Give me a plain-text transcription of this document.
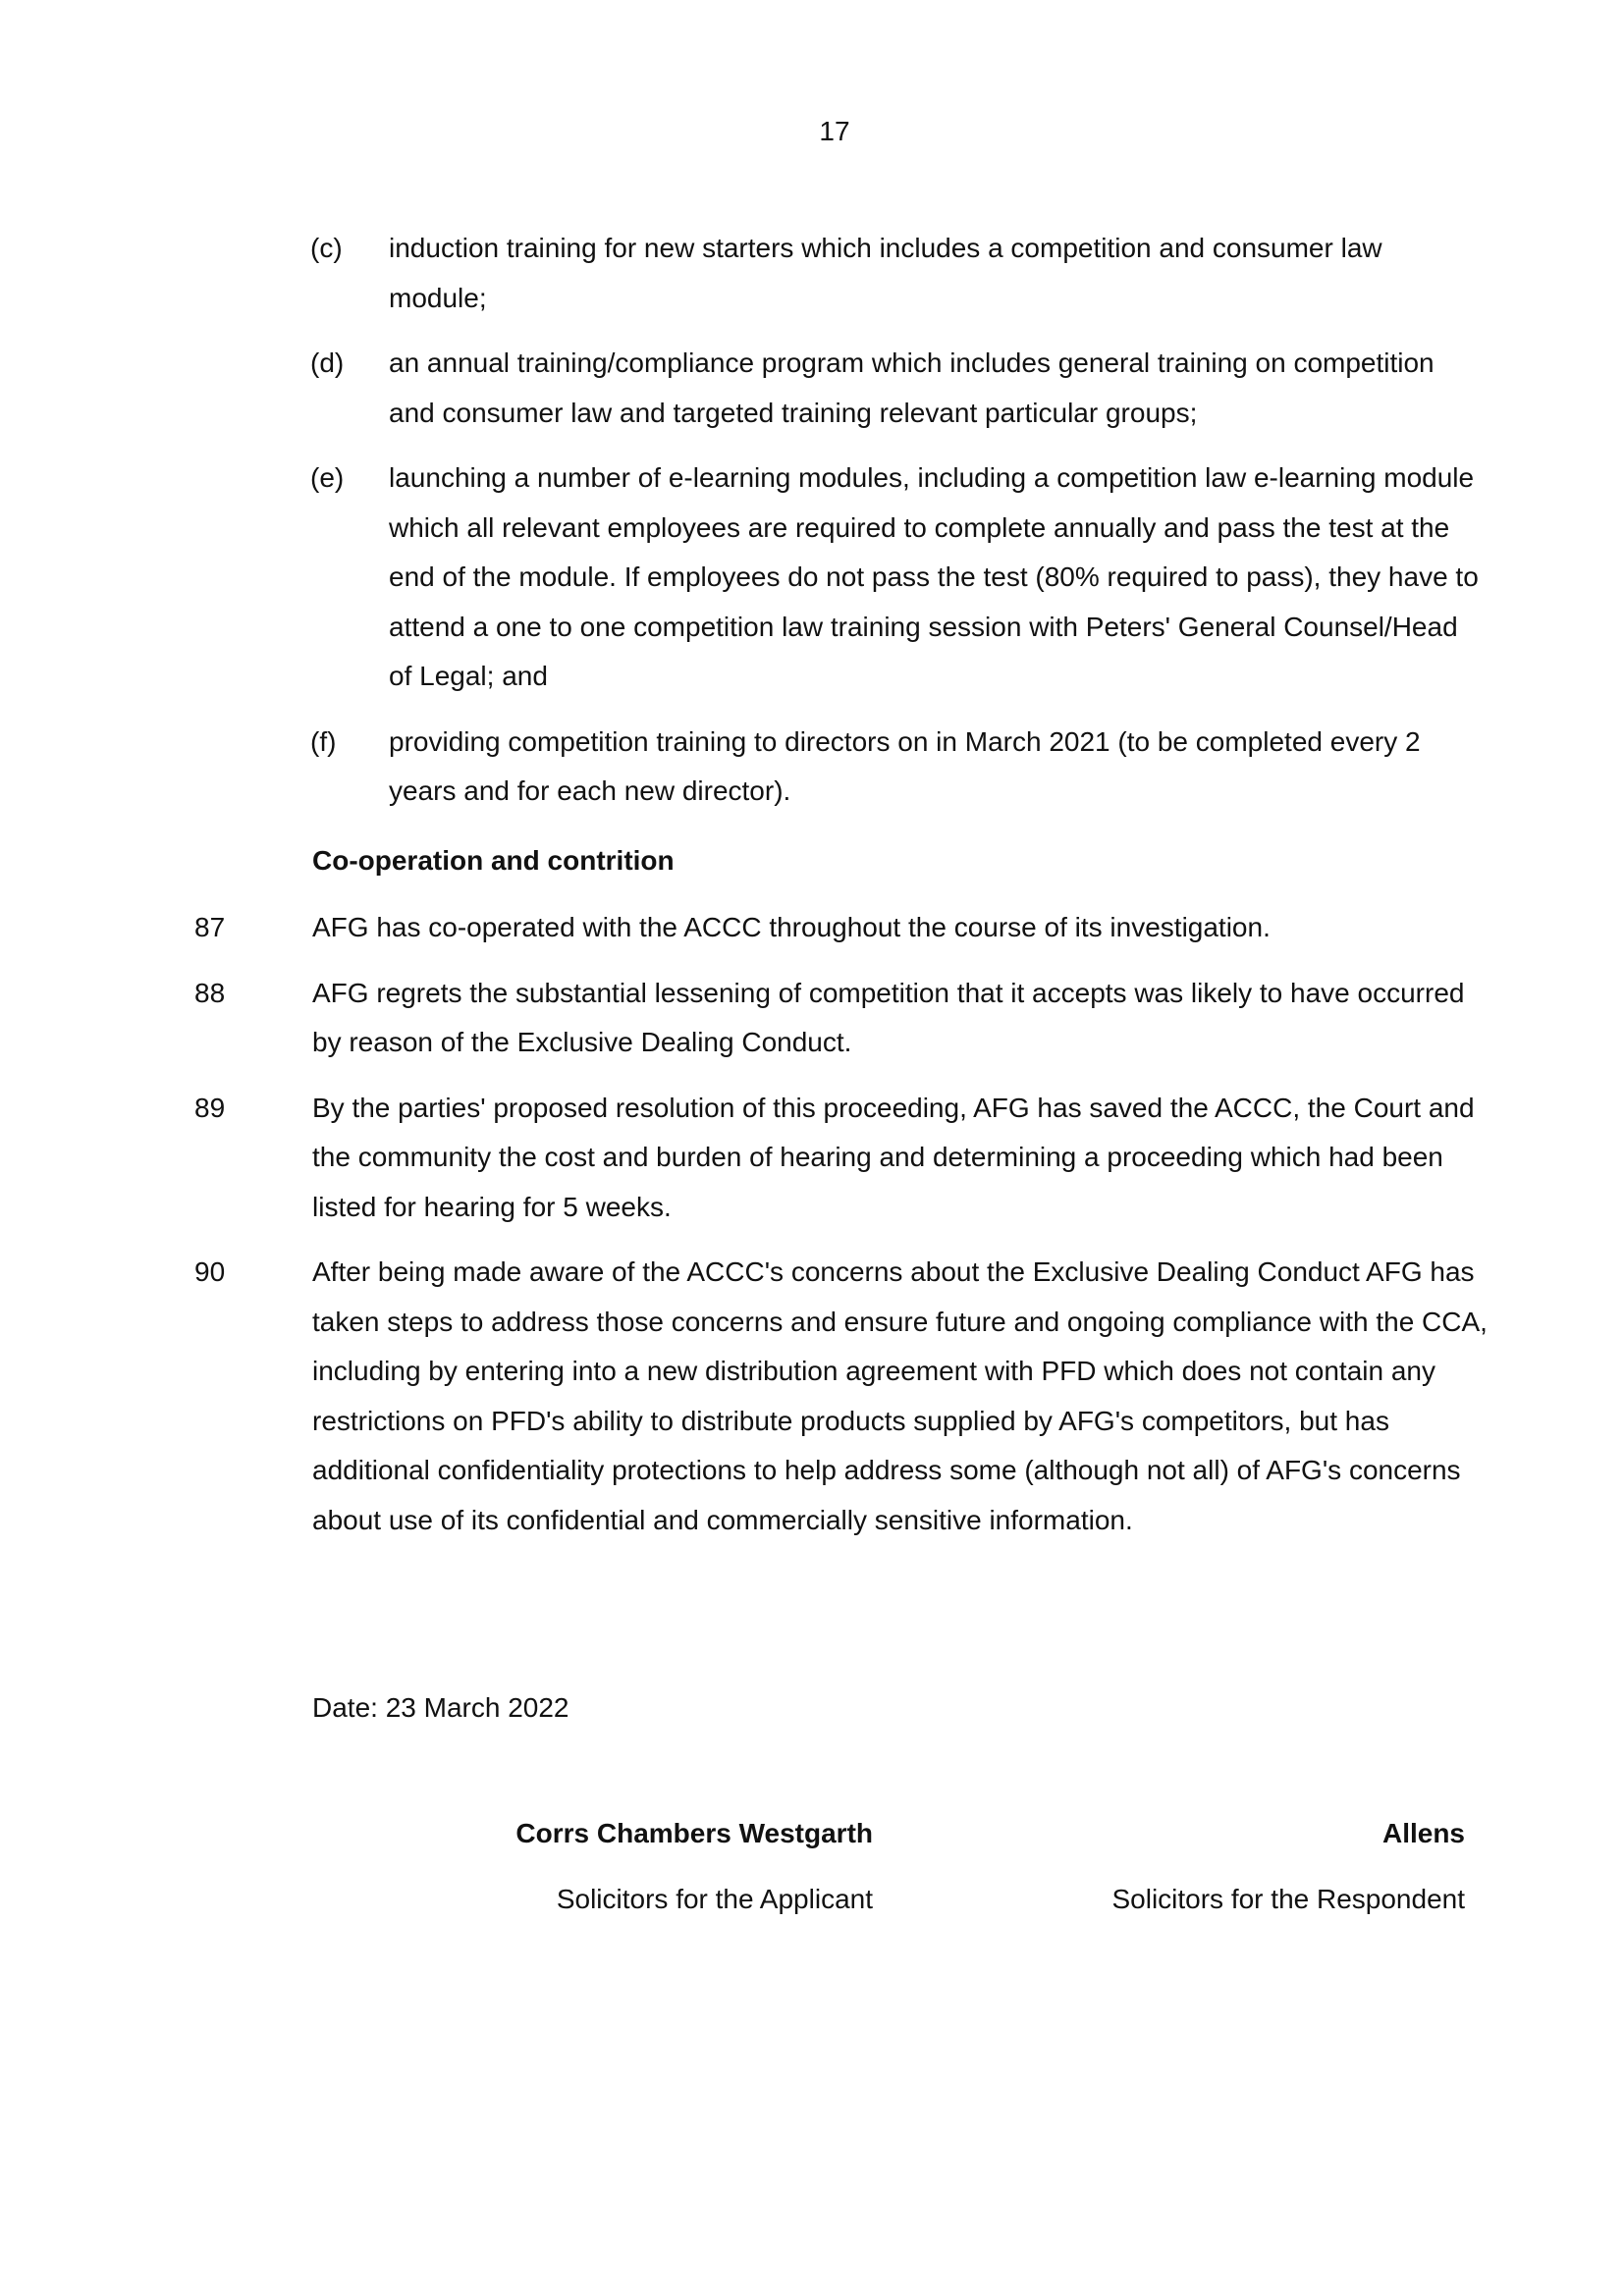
17
(c) induction training for new starters which includes a competition and consumer law module;
(d) an annual training/compliance program which includes general training on competition and consumer law and targeted training relevant particular groups;
(e) launching a number of e-learning modules, including a competition law e-learning module which all relevant employees are required to complete annually and pass the test at the end of the module. If employees do not pass the test (80% required to pass), they have to attend a one to one competition law training session with Peters' General Counsel/Head of Legal; and
(f) providing competition training to directors on in March 2021 (to be completed every 2 years and for each new director).
Co-operation and contrition
87	AFG has co-operated with the ACCC throughout the course of its investigation.
88	AFG regrets the substantial lessening of competition that it accepts was likely to have occurred by reason of the Exclusive Dealing Conduct.
89	By the parties' proposed resolution of this proceeding, AFG has saved the ACCC, the Court and the community the cost and burden of hearing and determining a proceeding which had been listed for hearing for 5 weeks.
90	After being made aware of the ACCC's concerns about the Exclusive Dealing Conduct AFG has taken steps to address those concerns and ensure future and ongoing compliance with the CCA, including by entering into a new distribution agreement with PFD which does not contain any restrictions on PFD's ability to distribute products supplied by AFG's competitors, but has additional confidentiality protections to help address some (although not all) of AFG's concerns about use of its confidential and commercially sensitive information.
Date: 23 March 2022
Corrs Chambers Westgarth
Solicitors for the Applicant
Allens
Solicitors for the Respondent
